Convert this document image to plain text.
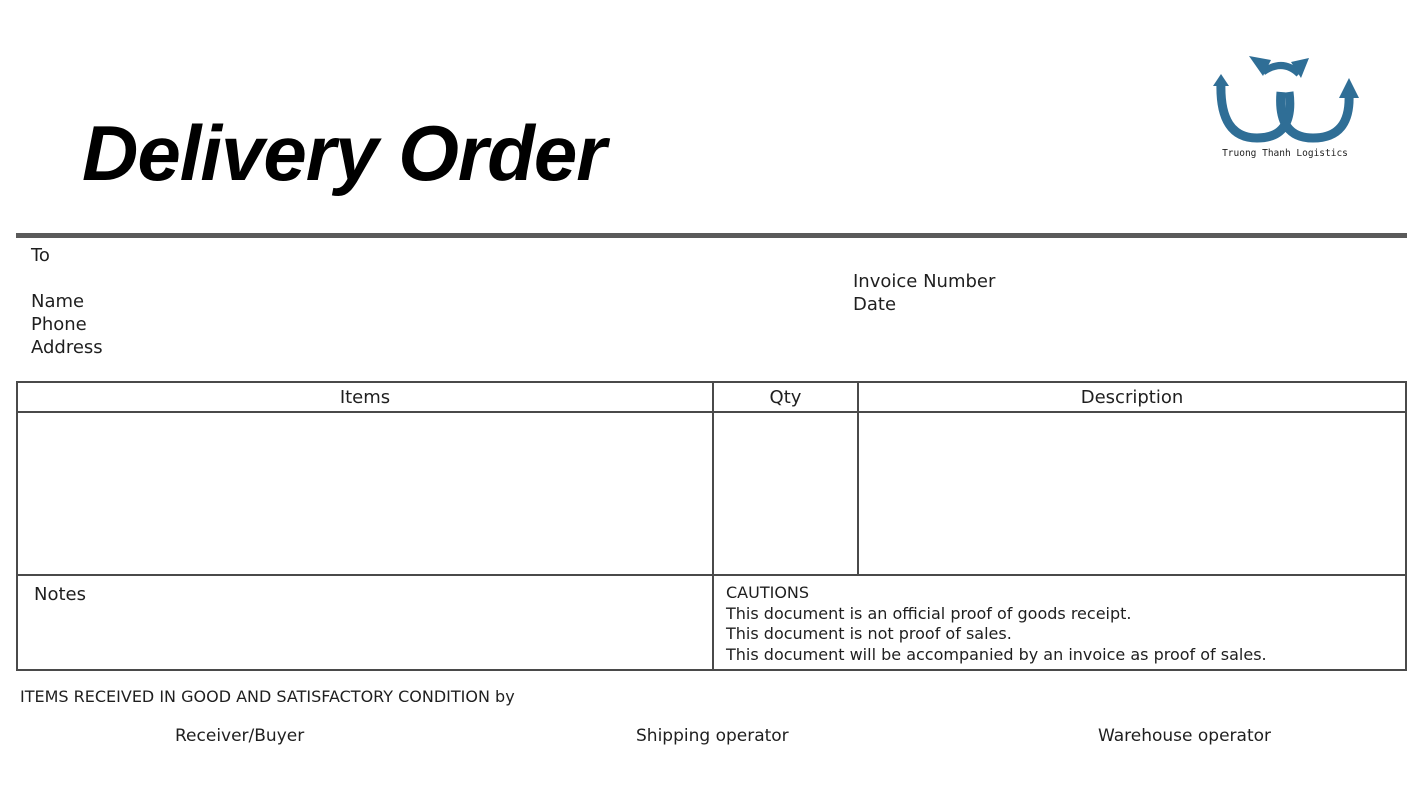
Delivery Order	Truong Thanh Logistics
To
Name
Phone
Address
Invoice Number
Date
Items	Qty	Description
Notes	CAUTIONS
This document is an official proof of goods receipt.
This document is not proof of sales.
This document will be accompanied by an invoice as proof of sales.
ITEMS RECEIVED IN GOOD AND SATISFACTORY CONDITION by
Receiver/Buyer	Shipping operator	Warehouse operator
